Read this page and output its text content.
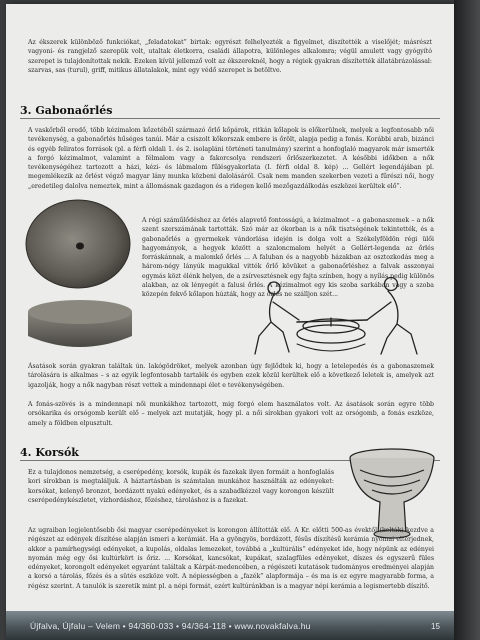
Az ékszerek különböző funkciókat, „feladatokat” birtak: egyrészt felhelyezték a figyelmet, díszítették a viselőjét; másrészt vagyoni- és rangjelző szerepük volt, utaltak életkorra, családi állapotra, különleges alkalomra; végül amulett vagy gyógyító szerepet is tulajdonítottak nekik. Ezeken kívül jellemző volt az ékszereknél, hogy a régiek gyakran díszítették állatábrázolással: szarvas, sas (turul), griff, mitikus állatalakok, mint egy védő szerepet is betöltve.

3. Gabonaőrlés

A vaskőrből eredő, több kézimalom kőzetéből származó őrlő kőpárok, ritkán kőlapok is előkerülnek, melyek a legfontosabb női tevékenység, a gabonaőrlés hűséges tanúi. Már a csiszolt kőkorszak embere is őrölt, alapja pedig a fonás. Korábbi arab, bizánci és egyéb feliratos források (pl. a férfi oldali 1. és 2. isolapláni történeti tanulmány) szerint a honfoglaló magyarok már ismerték a forgó kézimalmot, valamint a félmalom vagy a fakorcsolya rendszeri őrlőszerkezetet. A későbbi időkben a nők tevékenységéhez tartozott a házi, kézi- és lábmalom fűlésgyakorlata (I. férfi oldal 8. kép) ... Gellért legendájában pl. megemlékezik az őrlést végző magyar lány munka közbeni dalolásáról. Csak nem manden szekerben vezeti a fűrészi női, hogy „eredetileg dalolva nemeztek, mint a állomásnak gazdagon és a ridegen kellő mezőgazdálkodás eszközei kerültek elő”.

A régi száműlődéshez az őrlés alapvető fontosságú, a kézimalmot – a gabonaszemek – a nők szent szerszámának tartották. Szó már az ókorban is a nők tisztségének tekintették, és a gabonaőrlés a gyermekek vándorlása idején is dolga volt a Székelyföldön régi ülői hagyományok, a hegyek között a szaloncmalom helyét a Gellért-legenda az őrlés forráskánnak, a malomkő őrlés ... A faluban és a nagyobb házakban az osztozkodás meg a három-négy lányúk magukkal vitték őrlő kövüket a gabonaőrléshez a falvak asszonyai egymás közt élénk helyen, de a zsírvesztésnek egy fajta színben, hogy a nyílás pedig különös alakban, az ok lényegét a falusi őrlés. A kézimalmot egy kis szoba sarkában vagy a szoba közepén fekvő kőlapon húzták, hogy az őrlés ne szálljon szét...

Ásatások során gyakran találtak ún. lakógödröket, melyek azonban úgy fejlődtek ki, hogy a letelepedés és a gabonaszemek tárolására is alkalmas – s az egyik legfontosabb tartalék és egyben ezek közül kerültek elő a következő leletek is, amelyek azt igazolják, hogy a nők nagyban részt vettek a mindennapi élet e tevékenységében.

A fonás-szövés is a mindennapi női munkákhoz tartozott, mig forgó elem használatos volt. Az ásatások során egyre több orsókarika és orsógomb került elő – melyek azt mutatják, hogy pl. a női sírokban gyakori volt az orsógomb, a fonás eszköze, amely a földben elpusztult.

4. Korsók

Ez a tulajdonos nemzetség, a cserépedény, korsók, kupák és fazekak ilyen formáit a honfoglalás kori sírokban is megtaláljuk. A háztartásban is számtalan munkához használták az edényeket: korsókat, kelenyő bronzot, bordázott nyakú edényeket, és a szabadkézzel vagy korongon készült cserépedénykészletet, vízhordáshoz, főzéshez, tároláshoz is a fazekat.

Az ugraiban legjelentősebb ősi magyar cserépedényeket is korongon állították elő. A Kr. előtti 500-as évektől (kelták) kezdve a régészet az edények díszítése alapján ismeri a kerámiát. Ha a gyöngyös, bordázott, fésűs díszítésű kerámia nyomai elterjednek, akkor a pamírhegységi edényeket, a kupolás, oldalas lemezeket, továbbá a „kultúrális” edényeket ide, hogy népünk az edényei nyomán még egy ősi kultúrkört is őriz. ... Korsókat, kancsókat, kupákat, szalagfüles edényeket, díszes és egyszerű füles edényeket, korongolt edényeket egyaránt találtak a Kárpát-medencében, a régészeti kutatások tudományos eredményei alapján a korsó a tárolás, főzés és a sütés eszköze volt. A népiességben a „fazék” alapformája – és ma is ez egyre magyarabb forma, a régész szerint. A tanulók is szeretik mint pl. a népi formát, ezért kultúránkban is a magyar népi kerámia a legismertebb díszítő.

Újfalva, Újfalu – Velem • 94/360-033 • 94/364-118 • www.novakfalva.hu	15
